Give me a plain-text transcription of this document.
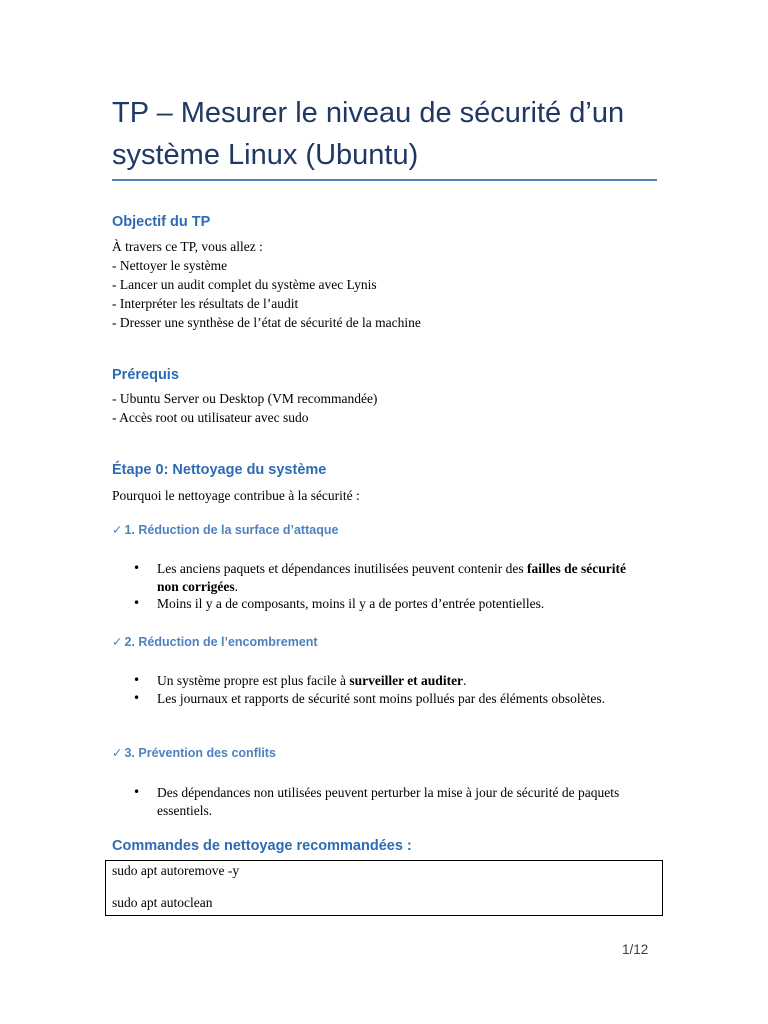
TP – Mesurer le niveau de sécurité d’un
système Linux (Ubuntu)
Objectif du TP
À travers ce TP, vous allez :
- Nettoyer le système
- Lancer un audit complet du système avec Lynis
- Interpréter les résultats de l’audit
- Dresser une synthèse de l’état de sécurité de la machine
Prérequis
- Ubuntu Server ou Desktop (VM recommandée)
- Accès root ou utilisateur avec sudo
Étape 0: Nettoyage du système
Pourquoi le nettoyage contribue à la sécurité :
✓ 1. Réduction de la surface d’attaque
• Les anciens paquets et dépendances inutilisées peuvent contenir des failles de sécurité non corrigées.
• Moins il y a de composants, moins il y a de portes d’entrée potentielles.
✓ 2. Réduction de l’encombrement
• Un système propre est plus facile à surveiller et auditer.
• Les journaux et rapports de sécurité sont moins pollués par des éléments obsolètes.
✓ 3. Prévention des conflits
• Des dépendances non utilisées peuvent perturber la mise à jour de sécurité de paquets essentiels.
Commandes de nettoyage recommandées :
sudo apt autoremove -y
sudo apt autoclean
1/12
